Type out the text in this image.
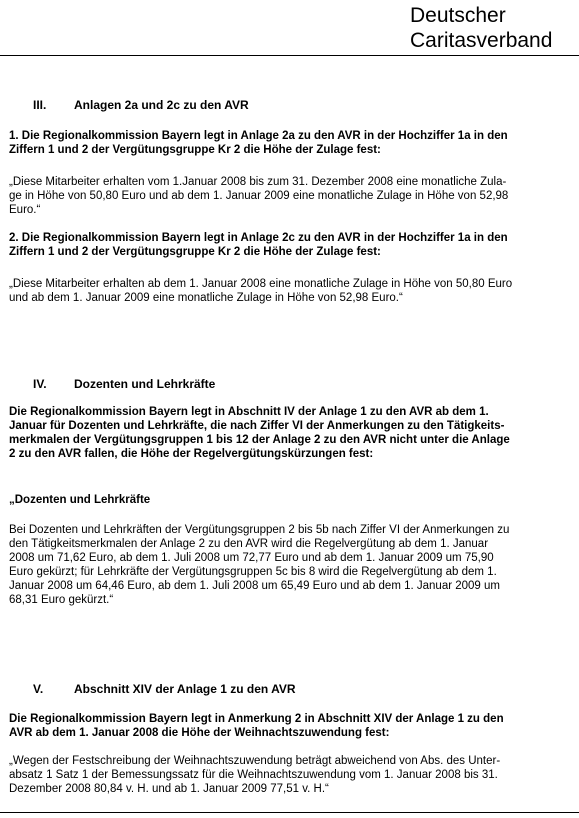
Deutscher
Caritasverband
III. Anlagen 2a und 2c zu den AVR
1. Die Regionalkommission Bayern legt in Anlage 2a zu den AVR in der Hochziffer 1a in den
Ziffern 1 und 2 der Vergütungsgruppe Kr 2 die Höhe der Zulage fest:
„Diese Mitarbeiter erhalten vom 1.Januar 2008 bis zum 31. Dezember 2008 eine monatliche Zula-
ge in Höhe von 50,80 Euro und ab dem 1. Januar 2009 eine monatliche Zulage in Höhe von 52,98
Euro.“
2. Die Regionalkommission Bayern legt in Anlage 2c zu den AVR in der Hochziffer 1a in den
Ziffern 1 und 2 der Vergütungsgruppe Kr 2 die Höhe der Zulage fest:
„Diese Mitarbeiter erhalten ab dem 1. Januar 2008 eine monatliche Zulage in Höhe von 50,80 Euro
und ab dem 1. Januar 2009 eine monatliche Zulage in Höhe von 52,98 Euro.“
IV. Dozenten und Lehrkräfte
Die Regionalkommission Bayern legt in Abschnitt IV der Anlage 1 zu den AVR ab dem 1.
Januar für Dozenten und Lehrkräfte, die nach Ziffer VI der Anmerkungen zu den Tätigkeits-
merkmalen der Vergütungsgruppen 1 bis 12 der Anlage 2 zu den AVR nicht unter die Anlage
2 zu den AVR fallen, die Höhe der Regelvergütungskürzungen fest:
„Dozenten und Lehrkräfte
Bei Dozenten und Lehrkräften der Vergütungsgruppen 2 bis 5b nach Ziffer VI der Anmerkungen zu
den Tätigkeitsmerkmalen der Anlage 2 zu den AVR wird die Regelvergütung ab dem 1. Januar
2008 um 71,62 Euro, ab dem 1. Juli 2008 um 72,77 Euro und ab dem 1. Januar 2009 um 75,90
Euro gekürzt; für Lehrkräfte der Vergütungsgruppen 5c bis 8 wird die Regelvergütung ab dem 1.
Januar 2008 um 64,46 Euro, ab dem 1. Juli 2008 um 65,49 Euro und ab dem 1. Januar 2009 um
68,31 Euro gekürzt.“
V.	Abschnitt XIV der Anlage 1 zu den AVR
Die Regionalkommission Bayern legt in Anmerkung 2 in Abschnitt XIV der Anlage 1 zu den
AVR ab dem 1. Januar 2008 die Höhe der Weihnachtszuwendung fest:
„Wegen der Festschreibung der Weihnachtszuwendung beträgt abweichend von Abs. des Unter-
absatz 1 Satz 1 der Bemessungssatz für die Weihnachtszuwendung vom 1. Januar 2008 bis 31.
Dezember 2008 80,84 v. H. und ab 1. Januar 2009 77,51 v. H.“
